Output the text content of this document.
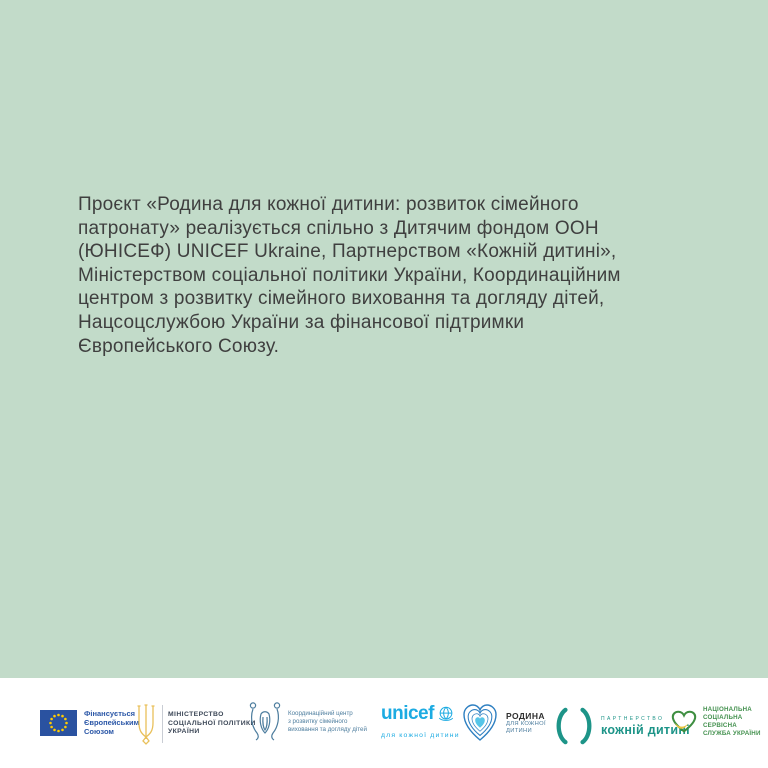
Проєкт «Родина для кожної дитини: розвиток сімейного
патронату» реалізується спільно з Дитячим фондом ООН
(ЮНІСЕФ) UNICEF Ukraine, Партнерством «Кожній дитині»,
Міністерством соціальної політики України, Координаційним
центром з розвитку сімейного виховання та догляду дітей,
Нацсоцслужбою України за фінансової підтримки
Європейського Союзу.
Фінансується
Європейським
Союзом
МІНІСТЕРСТВО
СОЦІАЛЬНОЇ ПОЛІТИКИ
УКРАЇНИ
Координаційний центр
з розвитку сімейного
виховання та догляду дітей
unicef
для кожної дитини
РОДИНА
ДЛЯ КОЖНОЇ
ДИТИНИ
ПАРТНЕРСТВО
кожній дитині
НАЦІОНАЛЬНА
СОЦІАЛЬНА СЕРВІСНА
СЛУЖБА УКРАЇНИ
